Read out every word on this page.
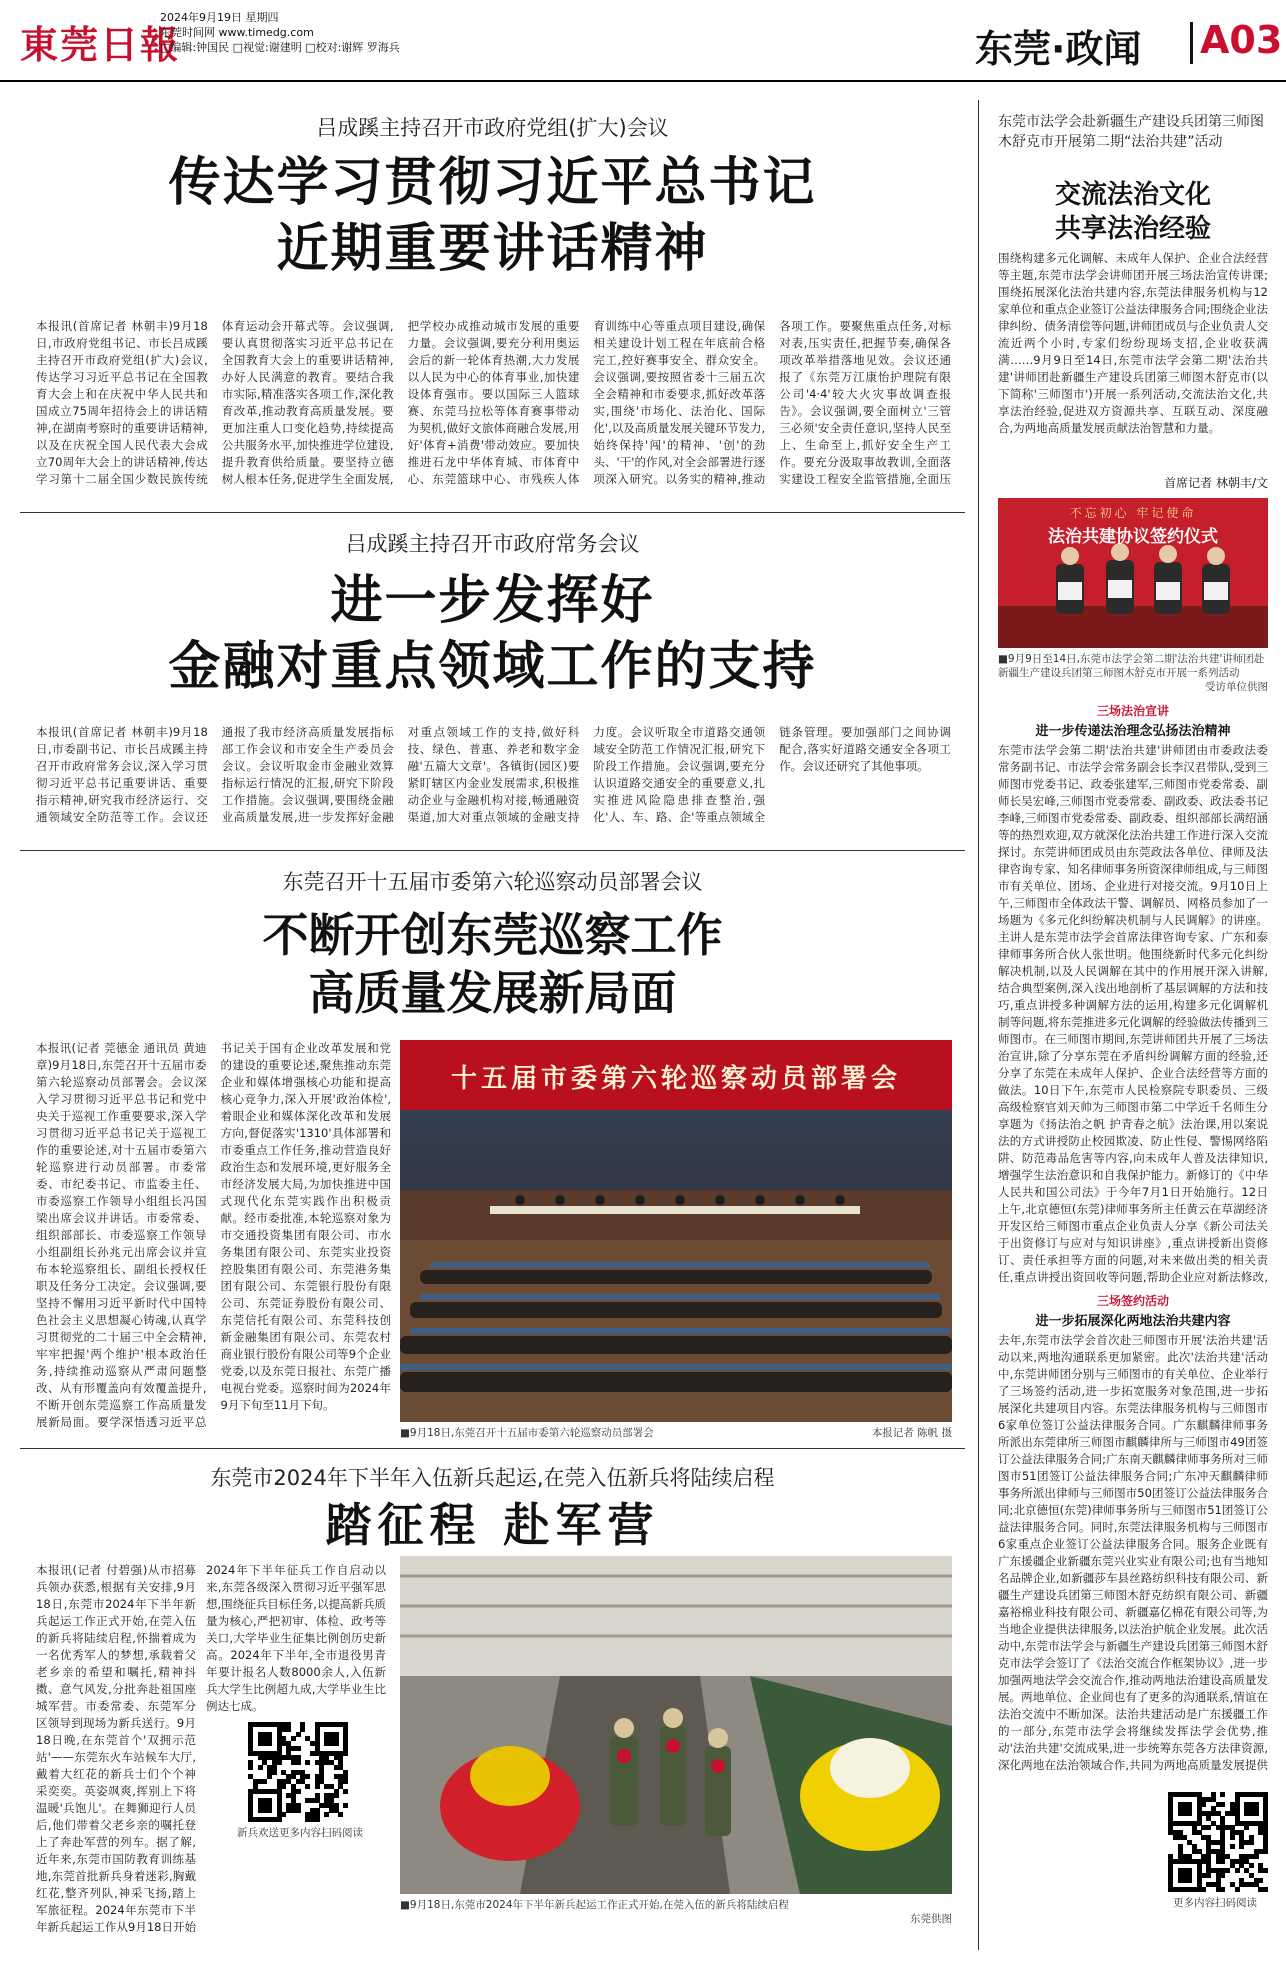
東莞日報
2024年9月19日 星期四
东莞时间网 www.timedg.com
□编辑:钟国民 □视觉:谢建明 □校对:谢辉 罗海兵	东莞·政闻 A03
吕成蹊主持召开市政府党组(扩大)会议
传达学习贯彻习近平总书记
近期重要讲话精神
本报讯(首席记者 林朝丰)9月18日,市政府党组书记、市长吕成蹊主持召开市政府党组(扩大)会议,传达学习习近平总书记在全国教育大会上和在庆祝中华人民共和国成立75周年招待会上的讲话精神,在湖南考察时的重要讲话精神,以及在庆祝全国人民代表大会成立70周年大会上的讲话精神,传达学习第十二届全国少数民族传统体育运动会开幕式等。会议强调,要认真贯彻落实习近平总书记在全国教育大会上的重要讲话精神,办好人民满意的教育。要结合我市实际,精准落实各项工作,深化教育改革,推动教育高质量发展。要更加注重人口变化趋势,持续提高公共服务水平,加快推进学位建设,提升教育供给质量。要坚持立德树人根本任务,促进学生全面发展,把学校办成推动城市发展的重要力量。会议强调,要充分利用奥运会后的新一轮体育热潮,大力发展以人民为中心的体育事业,加快建设体育强市。要以国际三人篮球赛、东莞马拉松等体育赛事带动为契机,做好文旅体商融合发展,用好'体育+消费'带动效应。要加快推进石龙中华体育城、市体育中心、东莞篮球中心、市残疾人体育训练中心等重点项目建设,确保相关建设计划工程在年底前合格完工,控好赛事安全、群众安全。会议强调,要按照省委十三届五次全会精神和市委要求,抓好改革落实,围绕'市场化、法治化、国际化',以及高质量发展关键环节发力,始终保持'闯'的精神、'创'的劲头、'干'的作风,对全会部署进行逐项深入研究。以务实的精神,推动各项工作。要聚焦重点任务,对标对表,压实责任,把握节奏,确保各项改革举措落地见效。会议还通报了《东莞万江康怡护理院有限公司'4·4'较大火灾事故调查报告》。会议强调,要全面树立'三管三必须'安全责任意识,坚持人民至上、生命至上,抓好安全生产工作。要充分汲取事故教训,全面落实建设工程安全监管措施,全面压
吕成蹊主持召开市政府常务会议
进一步发挥好
金融对重点领域工作的支持
本报讯(首席记者 林朝丰)9月18日,市委副书记、市长吕成蹊主持召开市政府常务会议,深入学习贯彻习近平总书记重要讲话、重要指示精神,研究我市经济运行、交通领域安全防范等工作。会议还通报了我市经济高质量发展指标部工作会议和市安全生产委员会会议。会议听取金市金融业效算指标运行情况的汇报,研究下阶段工作措施。会议强调,要围绕金融业高质量发展,进一步发挥好金融对重点领域工作的支持,做好科技、绿色、普惠、养老和数字金融'五篇大文章'。各镇街(园区)要紧盯辖区内金业发展需求,积极推动企业与金融机构对接,畅通融资渠道,加大对重点领域的金融支持力度。会议听取全市道路交通领域安全防范工作情况汇报,研究下阶段工作措施。会议强调,要充分认识道路交通安全的重要意义,扎实推进风险隐患排查整治,强化'人、车、路、企'等重点领域全链条管理。要加强部门之间协调配合,落实好道路交通安全各项工作。会议还研究了其他事项。
东莞召开十五届市委第六轮巡察动员部署会议
不断开创东莞巡察工作
高质量发展新局面
本报讯(记者 莞德金 通讯员 黄迪章)9月18日,东莞召开十五届市委第六轮巡察动员部署会。会议深入学习贯彻习近平总书记和党中央关于巡视工作重要要求,深入学习贯彻习近平总书记关于巡视工作的重要论述,对十五届市委第六轮巡察进行动员部署。市委常委、市纪委书记、市监委主任、市委巡察工作领导小组组长冯国梁出席会议并讲话。市委常委、组织部部长、市委巡察工作领导小组副组长孙兆元出席会议并宣布本轮巡察组长、副组长授权任职及任务分工决定。会议强调,要坚持不懈用习近平新时代中国特色社会主义思想凝心铸魂,认真学习贯彻党的二十届三中全会精神,牢牢把握'两个维护'根本政治任务,持续推动巡察从严肃问题整改、从有形覆盖向有效覆盖提升,不断开创东莞巡察工作高质量发展新局面。要学深悟透习近平总书记关于国有企业改革发展和党的建设的重要论述,聚焦推动东莞企业和媒体增强核心功能和提高核心竞争力,深入开展'政治体检',着眼企业和媒体深化改革和发展方向,督促落实'1310'具体部署和市委重点工作任务,推动营造良好政治生态和发展环境,更好服务全市经济发展大局,为加快推进中国式现代化东莞实践作出积极贡献。经市委批准,本轮巡察对象为市交通投资集团有限公司、市水务集团有限公司、东莞实业投资控股集团有限公司、东莞港务集团有限公司、东莞银行股份有限公司、东莞证券股份有限公司、东莞信托有限公司、东莞科技创新金融集团有限公司、东莞农村商业银行股份有限公司等9个企业党委,以及东莞日报社、东莞广播电视台党委。巡察时间为2024年9月下旬至11月下旬。
十五届市委第六轮巡察动员部署会
■9月18日,东莞召开十五届市委第六轮巡察动员部署会	本报记者 陈帆 摄
东莞市2024年下半年入伍新兵起运,在莞入伍新兵将陆续启程
踏征程 赴军营
本报讯(记者 付碧强)从市招募兵领办获悉,根据有关安排,9月18日,东莞市2024年下半年新兵起运工作正式开始,在莞入伍的新兵将陆续启程,怀揣着成为一名优秀军人的梦想,承载着父老乡亲的希望和嘱托,精神抖擞、意气风发,分批奔赴祖国座城军营。市委常委、东莞军分区领导到现场为新兵送行。9月18日晚,在东莞首个'双拥示范站'——东莞东火车站候车大厅,戴着大红花的新兵士们个个神采奕奕。英姿飒爽,挥别上下将温暖'兵饱儿'。在舞狮迎行人员后,他们带着父老乡亲的嘱托登上了奔赴军营的列车。据了解,近年来,东莞市国防教育训练基地,东莞首批新兵身着迷彩,胸戴红花,整齐列队,神采飞扬,踏上军旅征程。2024年东莞市下半年新兵起运工作从9月18日开始
2024年下半年征兵工作自启动以来,东莞各级深入贯彻习近平强军思想,围绕征兵目标任务,以提高新兵质量为核心,严把初审、体检、政考等关口,大学毕业生征集比例创历史新高。2024年下半年,全市退役男青年要计报名人数8000余人,入伍新兵大学生比例超九成,大学毕业生比例达七成。
新兵欢送更多内容扫码阅读
■9月18日,东莞市2024年下半年新兵起运工作正式开始,在莞入伍的新兵将陆续启程
东莞供图
东莞市法学会赴新疆生产建设兵团第三师图木舒克市开展第二期“法治共建”活动
交流法治文化
共享法治经验
围绕构建多元化调解、未成年人保护、企业合法经营等主题,东莞市法学会讲师团开展三场法治宣传讲课;围绕拓展深化法治共建内容,东莞法律服务机构与12家单位和重点企业签订公益法律服务合同;围绕企业法律纠纷、债务清偿等问题,讲师团成员与企业负责人交流近两个小时,专家们纷纷现场支招,企业收获满满……9月9日至14日,东莞市法学会第二期'法治共建'讲师团赴新疆生产建设兵团第三师图木舒克市(以下简称'三师图市')开展一系列活动,交流法治文化,共享法治经验,促进双方资源共享、互联互动、深度融合,为两地高质量发展贡献法治智慧和力量。
首席记者 林朝丰/文
不忘初心 牢记使命
法治共建协议签约仪式
■9月9日至14日,东莞市法学会第二期'法治共建'讲师团赴新疆生产建设兵团第三师图木舒克市开展一系列活动
受访单位供图
三场法治宣讲
进一步传递法治理念弘扬法治精神
东莞市法学会第二期'法治共建'讲师团由市委政法委常务副书记、市法学会常务副会长李汉君带队,受到三师图市党委书记、政委张建军,三师图市党委常委、副师长吴宏峰,三师图市党委常委、副政委、政法委书记李峰,三师图市党委常委、副政委、组织部部长满绍涵等的热烈欢迎,双方就深化法治共建工作进行深入交流探讨。东莞讲师团成员由东莞政法各单位、律师及法律咨询专家、知名律师事务所资深律师组成,与三师图市有关单位、团场、企业进行对接交流。9月10日上午,三师图市全体政法干警、调解员、网格员参加了一场题为《多元化纠纷解决机制与人民调解》的讲座。主讲人是东莞市法学会首席法律咨询专家、广东和泰律师事务所合伙人张世明。他围绕新时代多元化纠纷解决机制,以及人民调解在其中的作用展开深入讲解,结合典型案例,深入浅出地剖析了基层调解的方法和技巧,重点讲授多种调解方法的运用,构建多元化调解机制等问题,将东莞推进多元化调解的经验做法传播到三师图市。在三师图市期间,东莞讲师团共开展了三场法治宣讲,除了分享东莞在矛盾纠纷调解方面的经验,还分享了东莞在未成年人保护、企业合法经营等方面的做法。10日下午,东莞市人民检察院专职委员、三级高级检察官刘天帅为三师图市第二中学近千名师生分享题为《扬法治之帆 护青春之航》法治课,用以案说法的方式讲授防止校园欺凌、防止性侵、警惕网络陷阱、防范毒品危害等内容,向未成年人普及法律知识,增强学生法治意识和自我保护能力。新修订的《中华人民共和国公司法》于今年7月1日开始施行。12日上午,北京德恒(东莞)律师事务所主任黄云在草湖经济开发区给三师图市重点企业负责人分享《新公司法关于出资修订与应对与知识讲座》,重点讲授新出资修订、责任承担等方面的问题,对未来做出类的相关责任,重点讲授出资回收等问题,帮助企业应对新法修改,
三场签约活动
进一步拓展深化两地法治共建内容
去年,东莞市法学会首次赴三师图市开展'法治共建'活动以来,两地沟通联系更加紧密。此次'法治共建'活动中,东莞讲师团分别与三师图市的有关单位、企业举行了三场签约活动,进一步拓宽服务对象范围,进一步拓展深化共建项目内容。东莞法律服务机构与三师图市6家单位签订公益法律服务合同。广东麒麟律师事务所派出东莞律所三师图市麒麟律所与三师图市49团签订公益法律服务合同;广东南天麒麟律师事务所对三师图市51团签订公益法律服务合同;广东冲天麒麟律师事务所派出律师与三师图市50团签订公益法律服务合同;北京德恒(东莞)律师事务所与三师图市51团签订公益法律服务合同。同时,东莞法律服务机构与三师图市6家重点企业签订公益法律服务合同。服务企业既有广东援疆企业新疆东莞兴业实业有限公司;也有当地知名品牌企业,如新疆莎车县丝路纺织科技有限公司、新疆生产建设兵团第三师图木舒克纺织有限公司、新疆嘉裕棉业科技有限公司、新疆嘉亿棉花有限公司等,为当地企业提供法律服务,以法治护航企业发展。此次活动中,东莞市法学会与新疆生产建设兵团第三师图木舒克市法学会签订了《法治交流合作框架协议》,进一步加强两地法学会交流合作,推动两地法治建设高质量发展。两地单位、企业间也有了更多的沟通联系,情谊在法治交流中不断加深。法治共建活动是广东援疆工作的一部分,东莞市法学会将继续发挥法学会优势,推动'法治共建'交流成果,进一步统筹东莞各方法律资源,深化两地在法治领域合作,共同为两地高质量发展提供
更多内容扫码阅读
